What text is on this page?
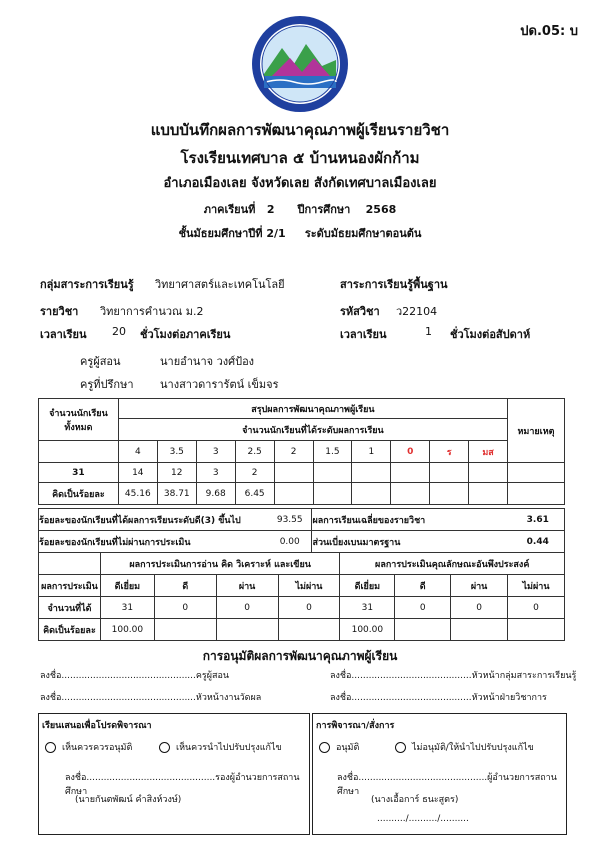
ปด.05: บ
แบบบันทึกผลการพัฒนาคุณภาพผู้เรียนรายวิชา
โรงเรียนเทศบาล ๕ บ้านหนองผักก้าม
อำเภอเมืองเลย จังหวัดเลย สังกัดเทศบาลเมืองเลย
ภาคเรียนที่ 2 ปีการศึกษา 2568
ชั้นมัธยมศึกษาปีที่ 2/1 ระดับมัธยมศึกษาตอนต้น
กลุ่มสาระการเรียนรู้ วิทยาศาสตร์และเทคโนโลยี	สาระการเรียนรู้พื้นฐาน
รายวิชา วิทยาการคำนวณ ม.2	รหัสวิชา ว22104
เวลาเรียน 20 ชั่วโมงต่อภาคเรียน	เวลาเรียน	1 ชั่วโมงต่อสัปดาห์
ครูผู้สอน	นายอำนาจ วงศ์ป้อง
ครูที่ปรึกษา นางสาวดารารัตน์ เข็มจร
จำนวนนักเรียนทั้งหมด	สรุปผลการพัฒนาคุณภาพผู้เรียน										หมายเหตุ
	จำนวนนักเรียนที่ได้ระดับผลการเรียน										
	4	3.5	3	2.5	2	1.5	1	0	ร	มส	
31	14	12	3	2							
คิดเป็นร้อยละ	45.16	38.71	9.68	6.45							
ร้อยละของนักเรียนที่ได้ผลการเรียนระดับดี(3) ขึ้นไป	93.55	ผลการเรียนเฉลี่ยของรายวิชา	3.61
ร้อยละของนักเรียนที่ไม่ผ่านการประเมิน	0.00	ส่วนเบี่ยงเบนมาตรฐาน	0.44
	ผลการประเมินการอ่าน คิด วิเคราะห์ และเขียน				ผลการประเมินคุณลักษณะอันพึงประสงค์			
ผลการประเมิน	ดีเยี่ยม	ดี	ผ่าน	ไม่ผ่าน	ดีเยี่ยม	ดี	ผ่าน	ไม่ผ่าน
จำนวนที่ได้	31	0	0	0	31	0	0	0
คิดเป็นร้อยละ	100.00				100.00			
การอนุมัติผลการพัฒนาคุณภาพผู้เรียน
ลงชื่อ...............................................ครูผู้สอน	ลงชื่อ..........................................หัวหน้ากลุ่มสาระการเรียนรู้
ลงชื่อ...............................................หัวหน้างานวัดผล	ลงชื่อ..........................................หัวหน้าฝ่ายวิชาการ
เรียนเสนอเพื่อโปรดพิจารณา
เห็นควรควรอนุมัติ	เห็นควรนำไปปรับปรุงแก้ไข
ลงชื่อ.............................................รองผู้อำนวยการสถานศึกษา
(นายกันตพัฒน์ คำสิงห์วงษ์)
การพิจารณา/สั่งการ
อนุมัติ	ไม่อนุมัติ/ให้นำไปปรับปรุงแก้ไข
ลงชื่อ.............................................ผู้อำนวยการสถานศึกษา
(นางเอื้อการ์ ธนะสูตร)
........../........../..........
